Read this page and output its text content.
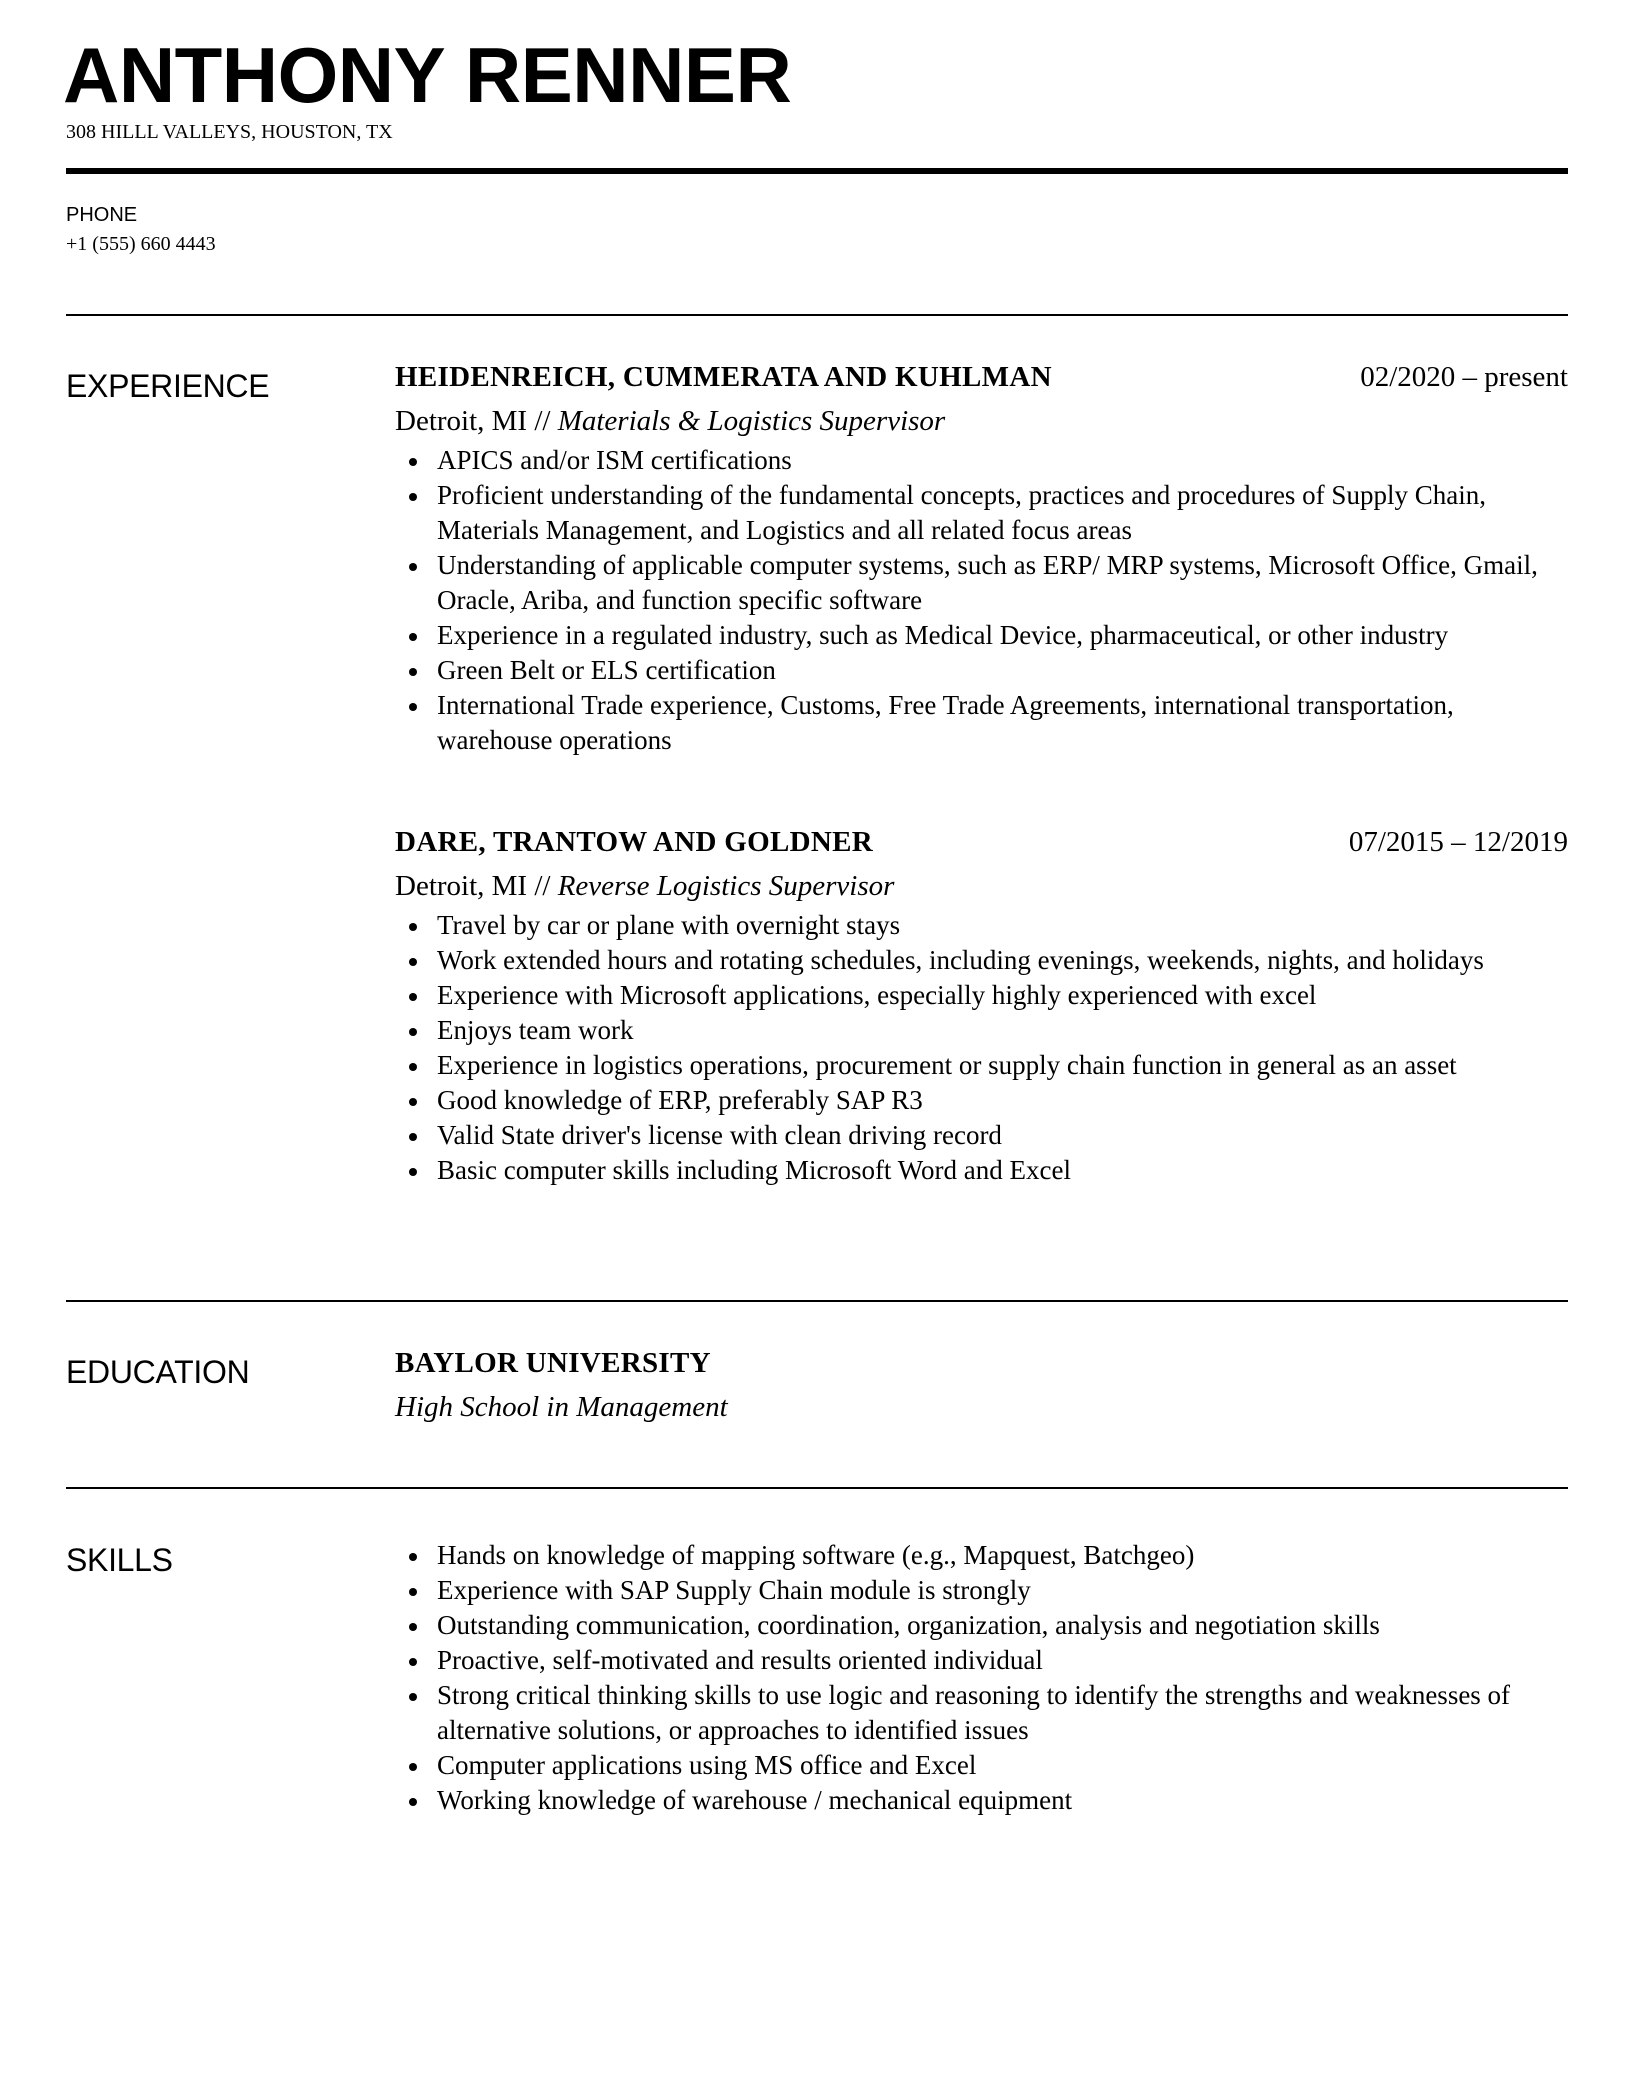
ANTHONY RENNER
308 HILLL VALLEYS, HOUSTON, TX
PHONE
+1 (555) 660 4443
EXPERIENCE	HEIDENREICH, CUMMERATA AND KUHLMAN	02/2020 – present
Detroit, MI // Materials & Logistics Supervisor
APICS and/or ISM certifications
Proficient understanding of the fundamental concepts, practices and procedures of Supply Chain, Materials Management, and Logistics and all related focus areas
Understanding of applicable computer systems, such as ERP/ MRP systems, Microsoft Office, Gmail, Oracle, Ariba, and function specific software
Experience in a regulated industry, such as Medical Device, pharmaceutical, or other industry
Green Belt or ELS certification
International Trade experience, Customs, Free Trade Agreements, international transportation, warehouse operations
DARE, TRANTOW AND GOLDNER	07/2015 – 12/2019
Detroit, MI // Reverse Logistics Supervisor
Travel by car or plane with overnight stays
Work extended hours and rotating schedules, including evenings, weekends, nights, and holidays
Experience with Microsoft applications, especially highly experienced with excel
Enjoys team work
Experience in logistics operations, procurement or supply chain function in general as an asset
Good knowledge of ERP, preferably SAP R3
Valid State driver's license with clean driving record
Basic computer skills including Microsoft Word and Excel
EDUCATION	BAYLOR UNIVERSITY
High School in Management
SKILLS	Hands on knowledge of mapping software (e.g., Mapquest, Batchgeo)
Experience with SAP Supply Chain module is strongly
Outstanding communication, coordination, organization, analysis and negotiation skills
Proactive, self-motivated and results oriented individual
Strong critical thinking skills to use logic and reasoning to identify the strengths and weaknesses of alternative solutions, or approaches to identified issues
Computer applications using MS office and Excel
Working knowledge of warehouse / mechanical equipment
